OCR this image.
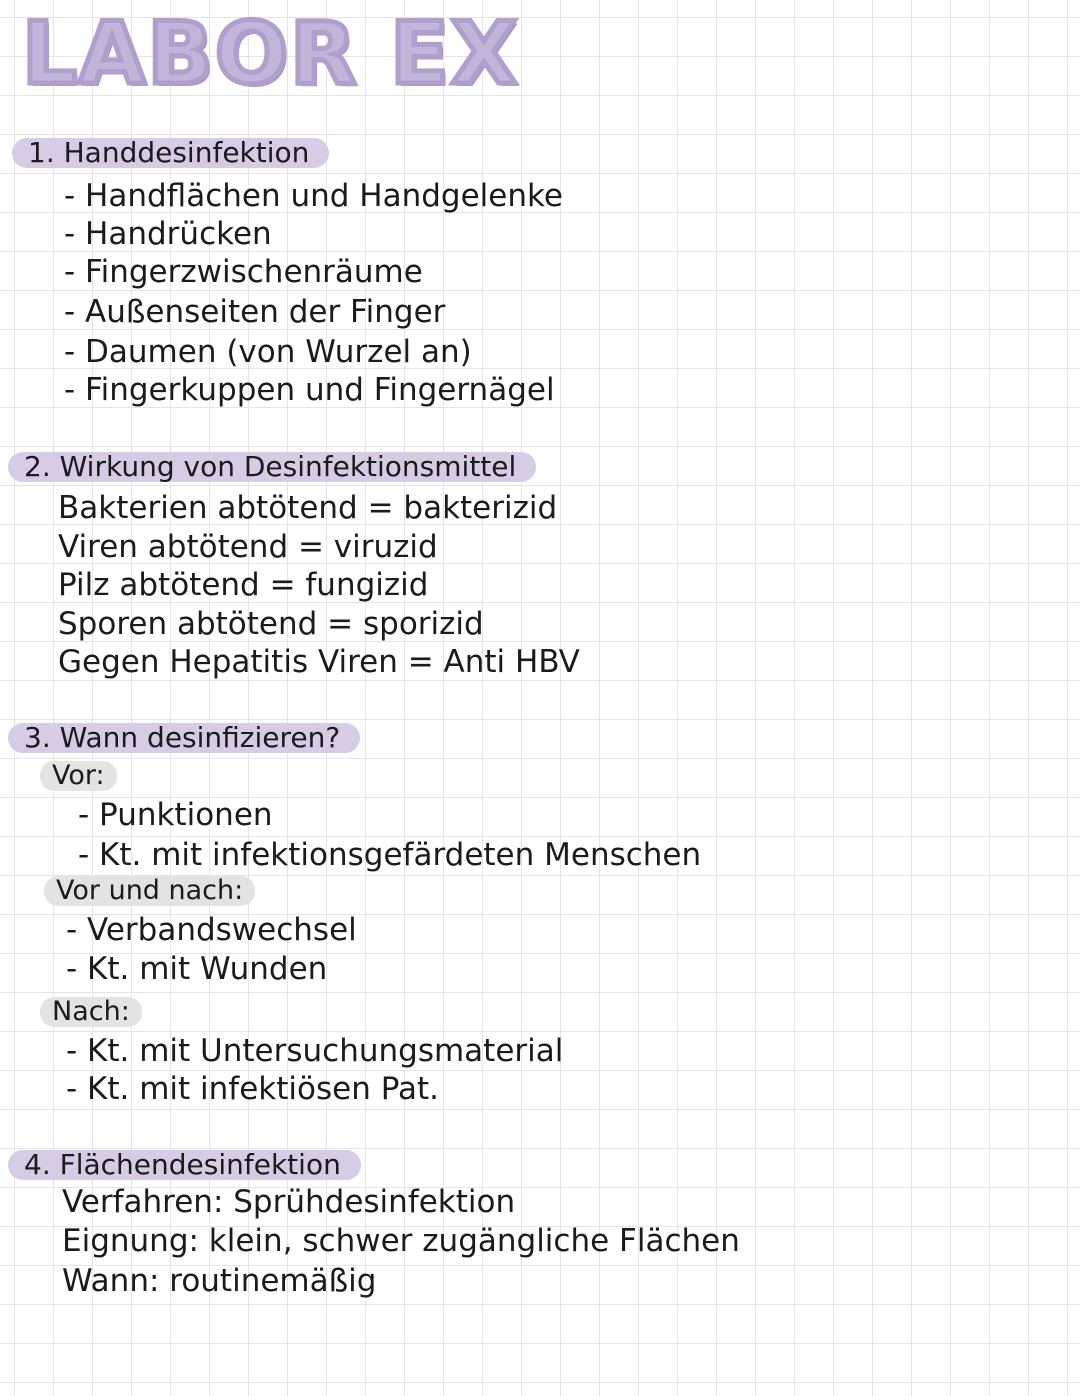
LABOR EX
1. Handdesinfektion
- Handflächen und Handgelenke
- Handrücken
- Fingerzwischenräume
- Außenseiten der Finger
- Daumen (von Wurzel an)
- Fingerkuppen und Fingernägel
2. Wirkung von Desinfektionsmittel
Bakterien abtötend = bakterizid
Viren abtötend = viruzid
Pilz abtötend = fungizid
Sporen abtötend = sporizid
Gegen Hepatitis Viren = Anti HBV
3. Wann desinfizieren?
Vor:
- Punktionen
- Kt. mit infektionsgefärdeten Menschen
Vor und nach:
- Verbandswechsel
- Kt. mit Wunden
Nach:
- Kt. mit Untersuchungsmaterial
- Kt. mit infektiösen Pat.
4. Flächendesinfektion
Verfahren: Sprühdesinfektion
Eignung: klein, schwer zugängliche Flächen
Wann: routinemäßig
